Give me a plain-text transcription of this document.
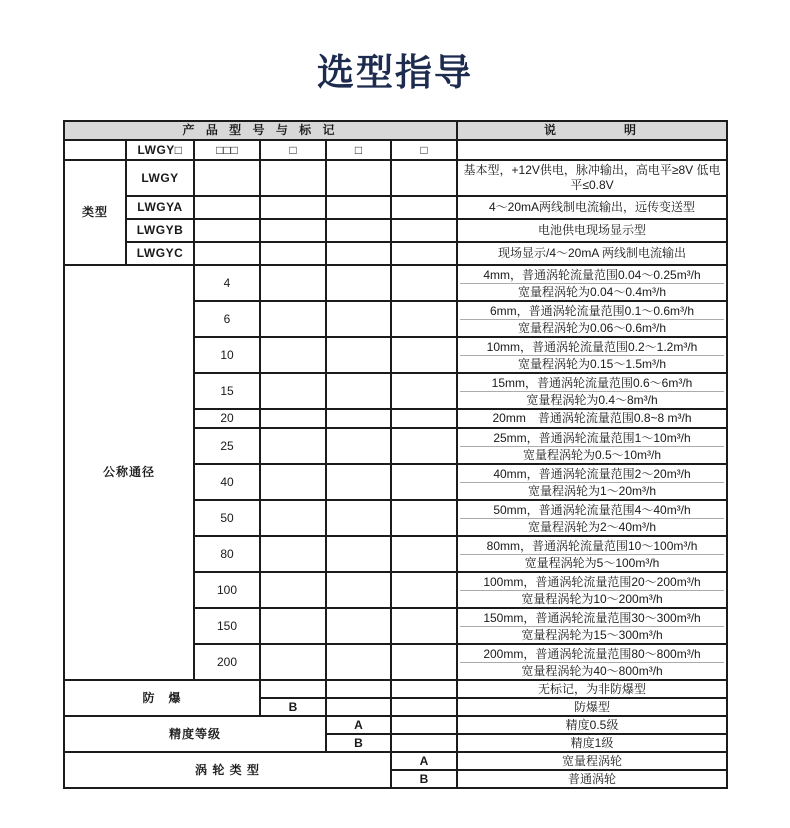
选型指导
产 品 型 号 与 标 记						说　　　　明
	LWGY□	□□□	□	□	□	
类型	LWGY					基本型，+12V供电，脉冲输出，高电平≥8V 低电平≤0.8V
	LWGYA					4～20mA两线制电流输出，远传变送型
	LWGYB					电池供电现场显示型
	LWGYC					现场显示/4～20mA 两线制电流输出
公称通径		4				4mm，普通涡轮流量范围0.04～0.25m³/h
宽量程涡轮为0.04～0.4m³/h

		6				6mm，普通涡轮流量范围0.1～0.6m³/h
宽量程涡轮为0.06～0.6m³/h

		10				10mm，普通涡轮流量范围0.2～1.2m³/h
宽量程涡轮为0.15～1.5m³/h

		15				15mm，普通涡轮流量范围0.6～6m³/h
宽量程涡轮为0.4～8m³/h

		20				20mm　普通涡轮流量范围0.8~8 m³/h
		25				25mm，普通涡轮流量范围1～10m³/h
宽量程涡轮为0.5～10m³/h

		40				40mm，普通涡轮流量范围2～20m³/h
宽量程涡轮为1～20m³/h

		50				50mm，普通涡轮流量范围4～40m³/h
宽量程涡轮为2～40m³/h

		80				80mm，普通涡轮流量范围10～100m³/h
宽量程涡轮为5～100m³/h

		100				100mm，普通涡轮流量范围20～200m³/h
宽量程涡轮为10～200m³/h

		150				150mm，普通涡轮流量范围30～300m³/h
宽量程涡轮为15～300m³/h

		200				200mm，普通涡轮流量范围80～800m³/h
宽量程涡轮为40～800m³/h

防　爆						无标记，为非防爆型
			B			防爆型
精度等级				A		精度0.5级
				B		精度1级
涡 轮 类 型					A	宽量程涡轮
					B	普通涡轮
